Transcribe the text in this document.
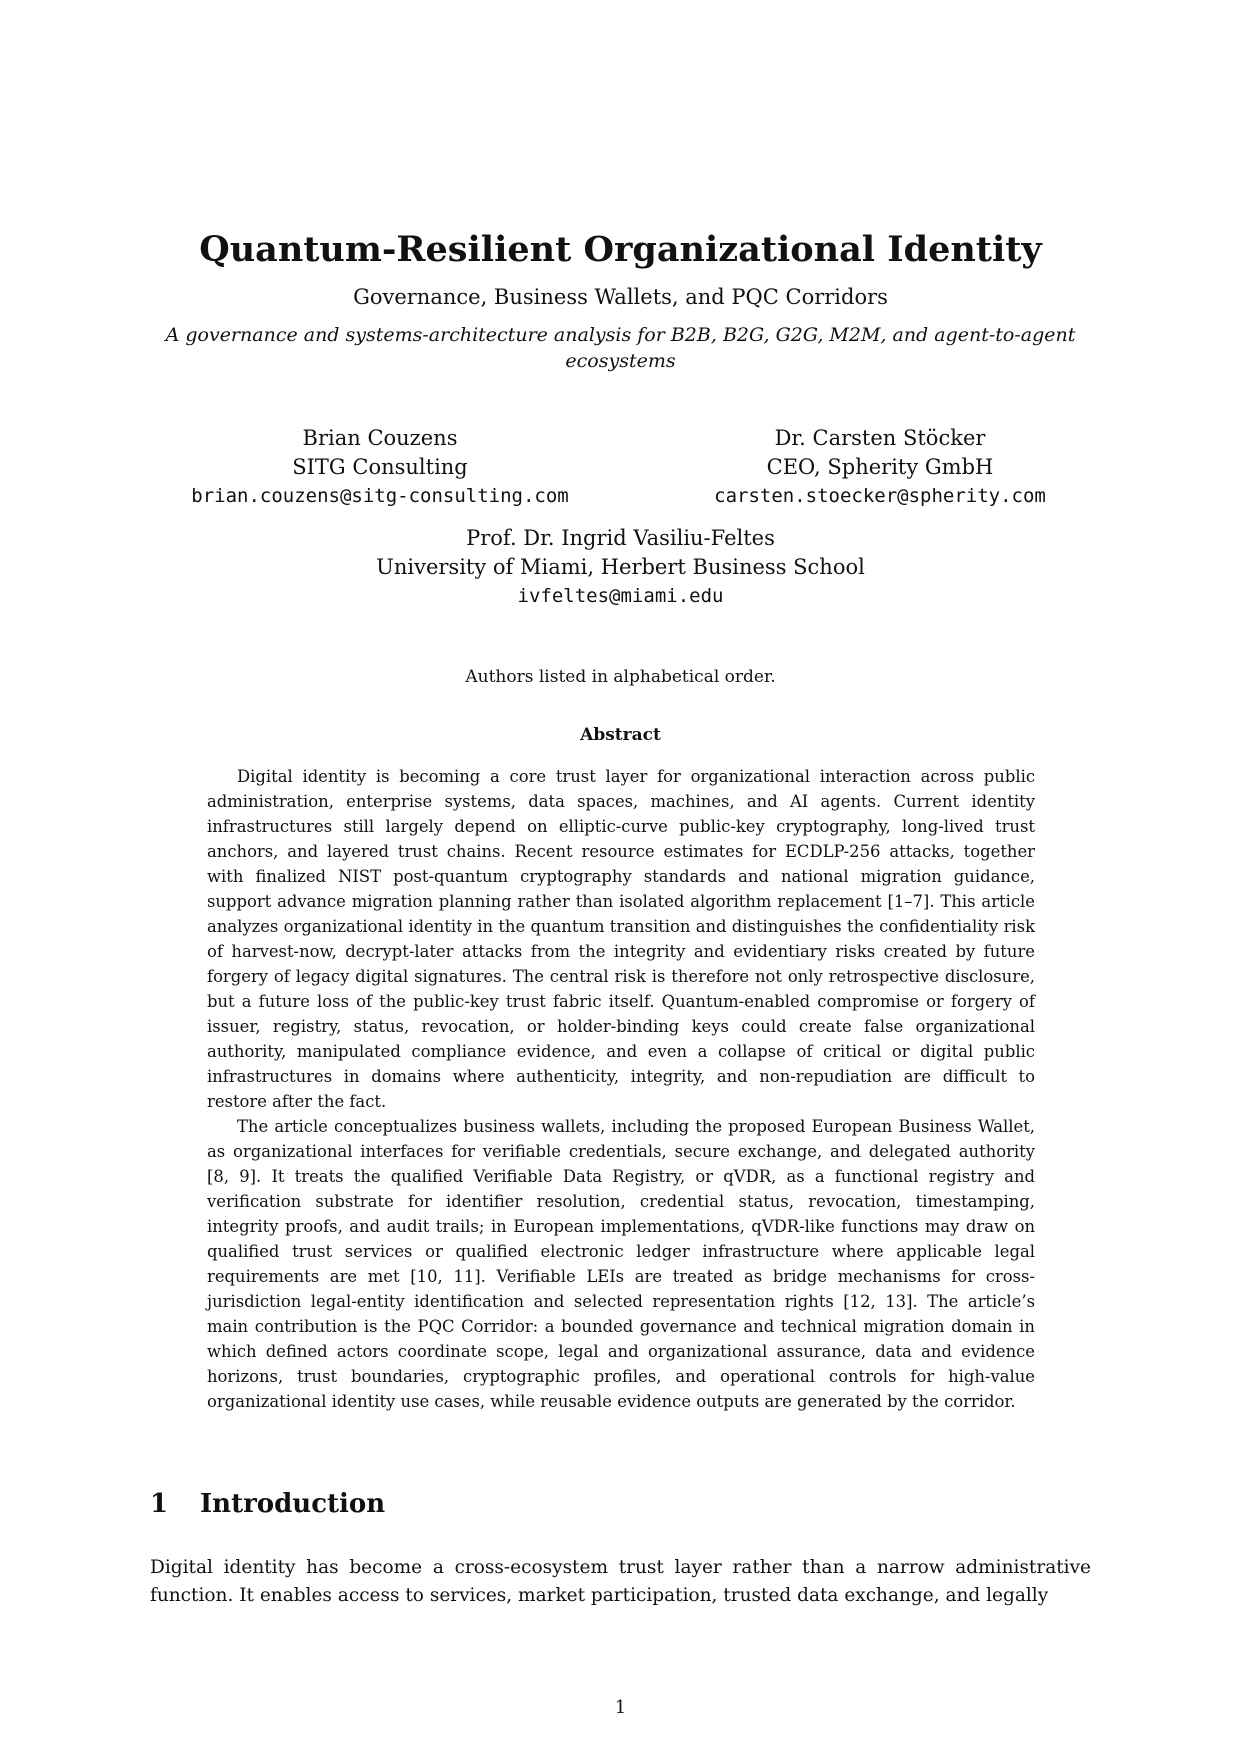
Quantum-Resilient Organizational Identity
Governance, Business Wallets, and PQC Corridors
A governance and systems-architecture analysis for B2B, B2G, G2G, M2M, and agent-to-agent ecosystems
Brian Couzens
SITG Consulting
brian.couzens@sitg-consulting.com
Dr. Carsten Stöcker
CEO, Spherity GmbH
carsten.stoecker@spherity.com
Prof. Dr. Ingrid Vasiliu-Feltes
University of Miami, Herbert Business School
ivfeltes@miami.edu
Authors listed in alphabetical order.
Abstract

Digital identity is becoming a core trust layer for organizational interaction across public administration, enterprise systems, data spaces, machines, and AI agents. Current identity infrastructures still largely depend on elliptic-curve public-key cryptography, long-lived trust anchors, and layered trust chains. Recent resource estimates for ECDLP-256 attacks, together with finalized NIST post-quantum cryptography standards and national migration guidance, support advance migration planning rather than isolated algorithm replacement [1–7]. This article analyzes organizational identity in the quantum transition and distinguishes the confidentiality risk of harvest-now, decrypt-later attacks from the integrity and evidentiary risks created by future forgery of legacy digital signatures. The central risk is therefore not only retrospective disclosure, but a future loss of the public-key trust fabric itself. Quantum-enabled compromise or forgery of issuer, registry, status, revocation, or holder-binding keys could create false organizational authority, manipulated compliance evidence, and even a collapse of critical or digital public infrastructures in domains where authenticity, integrity, and non-repudiation are difficult to restore after the fact.

The article conceptualizes business wallets, including the proposed European Business Wallet, as organizational interfaces for verifiable credentials, secure exchange, and delegated authority [8, 9]. It treats the qualified Verifiable Data Registry, or qVDR, as a functional registry and verification substrate for identifier resolution, credential status, revocation, timestamping, integrity proofs, and audit trails; in European implementations, qVDR-like functions may draw on qualified trust services or qualified electronic ledger infrastructure where applicable legal requirements are met [10, 11]. Verifiable LEIs are treated as bridge mechanisms for cross-jurisdiction legal-entity identification and selected representation rights [12, 13]. The article’s main contribution is the PQC Corridor: a bounded governance and technical migration domain in which defined actors coordinate scope, legal and organizational assurance, data and evidence horizons, trust boundaries, cryptographic profiles, and operational controls for high-value organizational identity use cases, while reusable evidence outputs are generated by the corridor.

1 Introduction

Digital identity has become a cross-ecosystem trust layer rather than a narrow administrative function. It enables access to services, market participation, trusted data exchange, and legally

1
